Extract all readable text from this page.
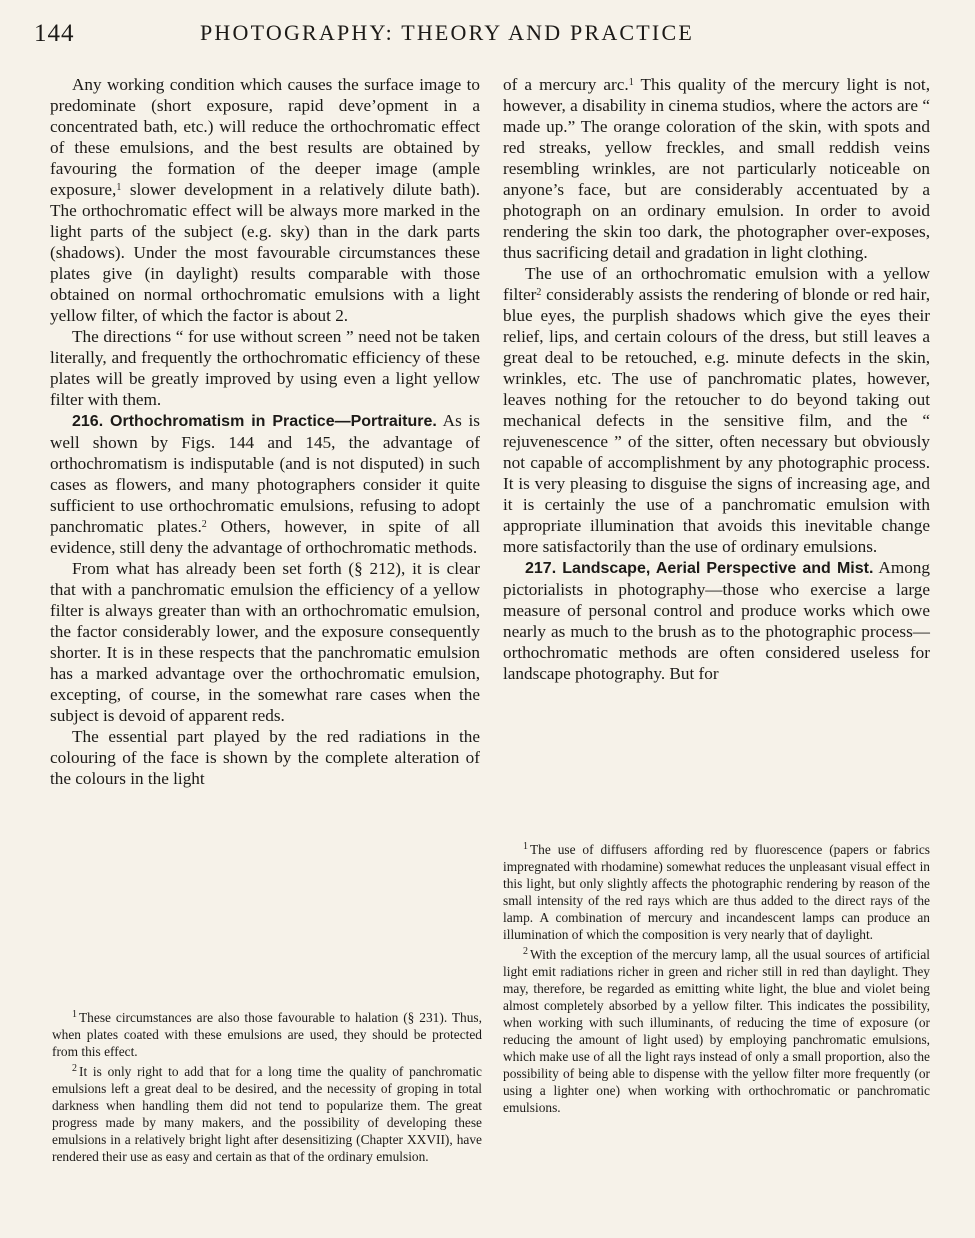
144	PHOTOGRAPHY: THEORY AND PRACTICE

Any working condition which causes the surface image to predominate (short exposure, rapid deve’opment in a concentrated bath, etc.) will reduce the orthochromatic effect of these emulsions, and the best results are obtained by favouring the formation of the deeper image (ample exposure,$^1$ slower development in a relatively dilute bath). The orthochromatic effect will be always more marked in the light parts of the subject (e.g. sky) than in the dark parts (shadows). Under the most favourable circumstances these plates give (in daylight) results comparable with those obtained on normal orthochromatic emulsions with a light yellow filter, of which the factor is about 2.

The directions “ for use without screen ” need not be taken literally, and frequently the orthochromatic efficiency of these plates will be greatly improved by using even a light yellow filter with them.

216. Orthochromatism in Practice—Portraiture. As is well shown by Figs. 144 and 145, the advantage of orthochromatism is indisputable (and is not disputed) in such cases as flowers, and many photographers consider it quite sufficient to use orthochromatic emulsions, refusing to adopt panchromatic plates.$^2$ Others, however, in spite of all evidence, still deny the advantage of orthochromatic methods.

From what has already been set forth (§ 212), it is clear that with a panchromatic emulsion the efficiency of a yellow filter is always greater than with an orthochromatic emulsion, the factor considerably lower, and the exposure consequently shorter. It is in these respects that the panchromatic emulsion has a marked advantage over the orthochromatic emulsion, excepting, of course, in the somewhat rare cases when the subject is devoid of apparent reds.

The essential part played by the red radiations in the colouring of the face is shown by the complete alteration of the colours in the light

of a mercury arc.$^1$ This quality of the mercury light is not, however, a disability in cinema studios, where the actors are “ made up.” The orange coloration of the skin, with spots and red streaks, yellow freckles, and small reddish veins resembling wrinkles, are not particularly noticeable on anyone’s face, but are considerably accentuated by a photograph on an ordinary emulsion. In order to avoid rendering the skin too dark, the photographer over-exposes, thus sacrificing detail and gradation in light clothing.

The use of an orthochromatic emulsion with a yellow filter$^2$ considerably assists the rendering of blonde or red hair, blue eyes, the purplish shadows which give the eyes their relief, lips, and certain colours of the dress, but still leaves a great deal to be retouched, e.g. minute defects in the skin, wrinkles, etc. The use of panchromatic plates, however, leaves nothing for the retoucher to do beyond taking out mechanical defects in the sensitive film, and the “ rejuvenescence ” of the sitter, often necessary but obviously not capable of accomplishment by any photographic process. It is very pleasing to disguise the signs of increasing age, and it is certainly the use of a panchromatic emulsion with appropriate illumination that avoids this inevitable change more satisfactorily than the use of ordinary emulsions.

217. Landscape, Aerial Perspective and Mist. Among pictorialists in photography—those who exercise a large measure of personal control and produce works which owe nearly as much to the brush as to the photographic process—orthochromatic methods are often considered useless for landscape photography. But for

$^1$ These circumstances are also those favourable to halation (§ 231). Thus, when plates coated with these emulsions are used, they should be protected from this effect.

$^2$ It is only right to add that for a long time the quality of panchromatic emulsions left a great deal to be desired, and the necessity of groping in total darkness when handling them did not tend to popularize them. The great progress made by many makers, and the possibility of developing these emulsions in a relatively bright light after desensitizing (Chapter XXVII), have rendered their use as easy and certain as that of the ordinary emulsion.

$^1$ The use of diffusers affording red by fluorescence (papers or fabrics impregnated with rhodamine) somewhat reduces the unpleasant visual effect in this light, but only slightly affects the photographic rendering by reason of the small intensity of the red rays which are thus added to the direct rays of the lamp. A combination of mercury and incandescent lamps can produce an illumination of which the composition is very nearly that of daylight.

$^2$ With the exception of the mercury lamp, all the usual sources of artificial light emit radiations richer in green and richer still in red than daylight. They may, therefore, be regarded as emitting white light, the blue and violet being almost completely absorbed by a yellow filter. This indicates the possibility, when working with such illuminants, of reducing the time of exposure (or reducing the amount of light used) by employing panchromatic emulsions, which make use of all the light rays instead of only a small proportion, also the possibility of being able to dispense with the yellow filter more frequently (or using a lighter one) when working with orthochromatic or panchromatic emulsions.
